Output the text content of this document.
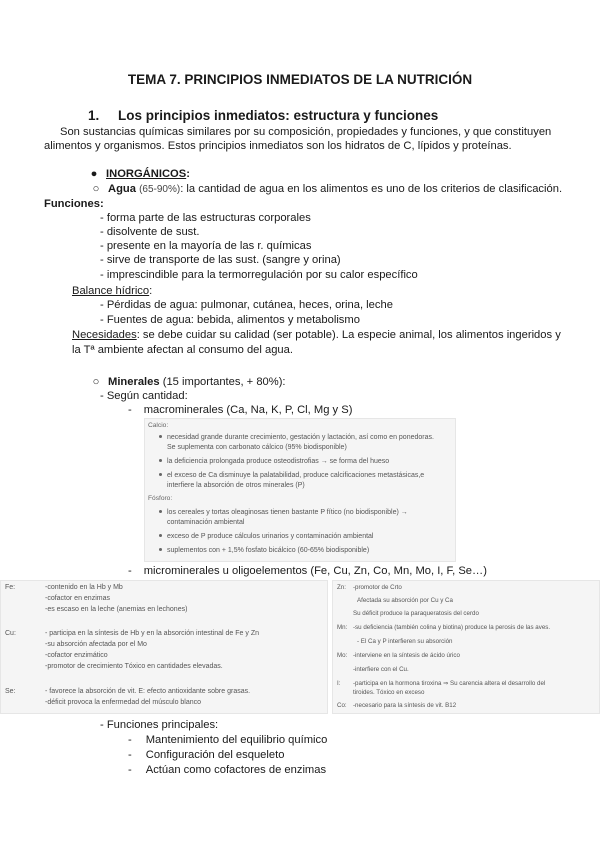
TEMA 7. PRINCIPIOS INMEDIATOS DE LA NUTRICIÓN
1. Los principios inmediatos: estructura y funciones
Son sustancias químicas similares por su composición, propiedades y funciones, y que constituyen
alimentos y organismos. Estos principios inmediatos son los hidratos de C, lípidos y proteínas.
● INORGÁNICOS:
○ Agua (65-90%): la cantidad de agua en los alimentos es uno de los criterios de clasificación.
Funciones:
- forma parte de las estructuras corporales
- disolvente de sust.
- presente en la mayoría de las r. químicas
- sirve de transporte de las sust. (sangre y orina)
- imprescindible para la termorregulación por su calor específico
Balance hídrico:
- Pérdidas de agua: pulmonar, cutánea, heces, orina, leche
- Fuentes de agua: bebida, alimentos y metabolismo
Necesidades: se debe cuidar su calidad (ser potable). La especie animal, los alimentos ingeridos y
la Tª ambiente afectan al consumo del agua.
○ Minerales (15 importantes, + 80%):
- Según cantidad:
- macrominerales (Ca, Na, K, P, Cl, Mg y S)
Calcio:
necesidad grande durante crecimiento, gestación y lactación, así como en ponedoras.
Se suplementa con carbonato cálcico (95% biodisponible)
la deficiencia prolongada produce osteodistrofias → se forma del hueso
el exceso de Ca disminuye la palatabilidad, produce calcificaciones metastásicas,e
interfiere la absorción de otros minerales (P)
Fósforo:
los cereales y tortas oleaginosas tienen bastante P fítico (no biodisponible) →
contaminación ambiental
exceso de P produce cálculos urinarios y contaminación ambiental
suplementos con + 1,5% fosfato bicálcico (60-65% biodisponible)
- microminerales u oligoelementos (Fe, Cu, Zn, Co, Mn, Mo, I, F, Se…)
Fe:	-contenido en la Hb y Mb
-cofactor en enzimas
-es escaso en la leche (anemias en lechones)
Cu:	- participa en la síntesis de Hb y en la absorción intestinal de Fe y Zn
-su absorción afectada por el Mo
-cofactor enzimático
-promotor de crecimiento Tóxico en cantidades elevadas.
Se:	- favorece la absorción de vit. E: efecto antioxidante sobre grasas.
-déficit provoca la enfermedad del músculo blanco
Zn: -promotor de Crto
Afectada su absorción por Cu y Ca
Su déficit produce la paraqueratosis del cerdo
Mn: -su deficiencia (también colina y biotina) produce la perosis de las aves.
- El Ca y P interfieren su absorción
Mo: -interviene en la síntesis de ácido úrico
-interfiere con el Cu.
I: -participa en la hormona tiroxina ⇒ Su carencia altera el desarrollo del
tiroides. Tóxico en exceso
Co: -necesario para la síntesis de vit. B12
- Funciones principales:
- Mantenimiento del equilibrio químico
- Configuración del esqueleto
- Actúan como cofactores de enzimas
